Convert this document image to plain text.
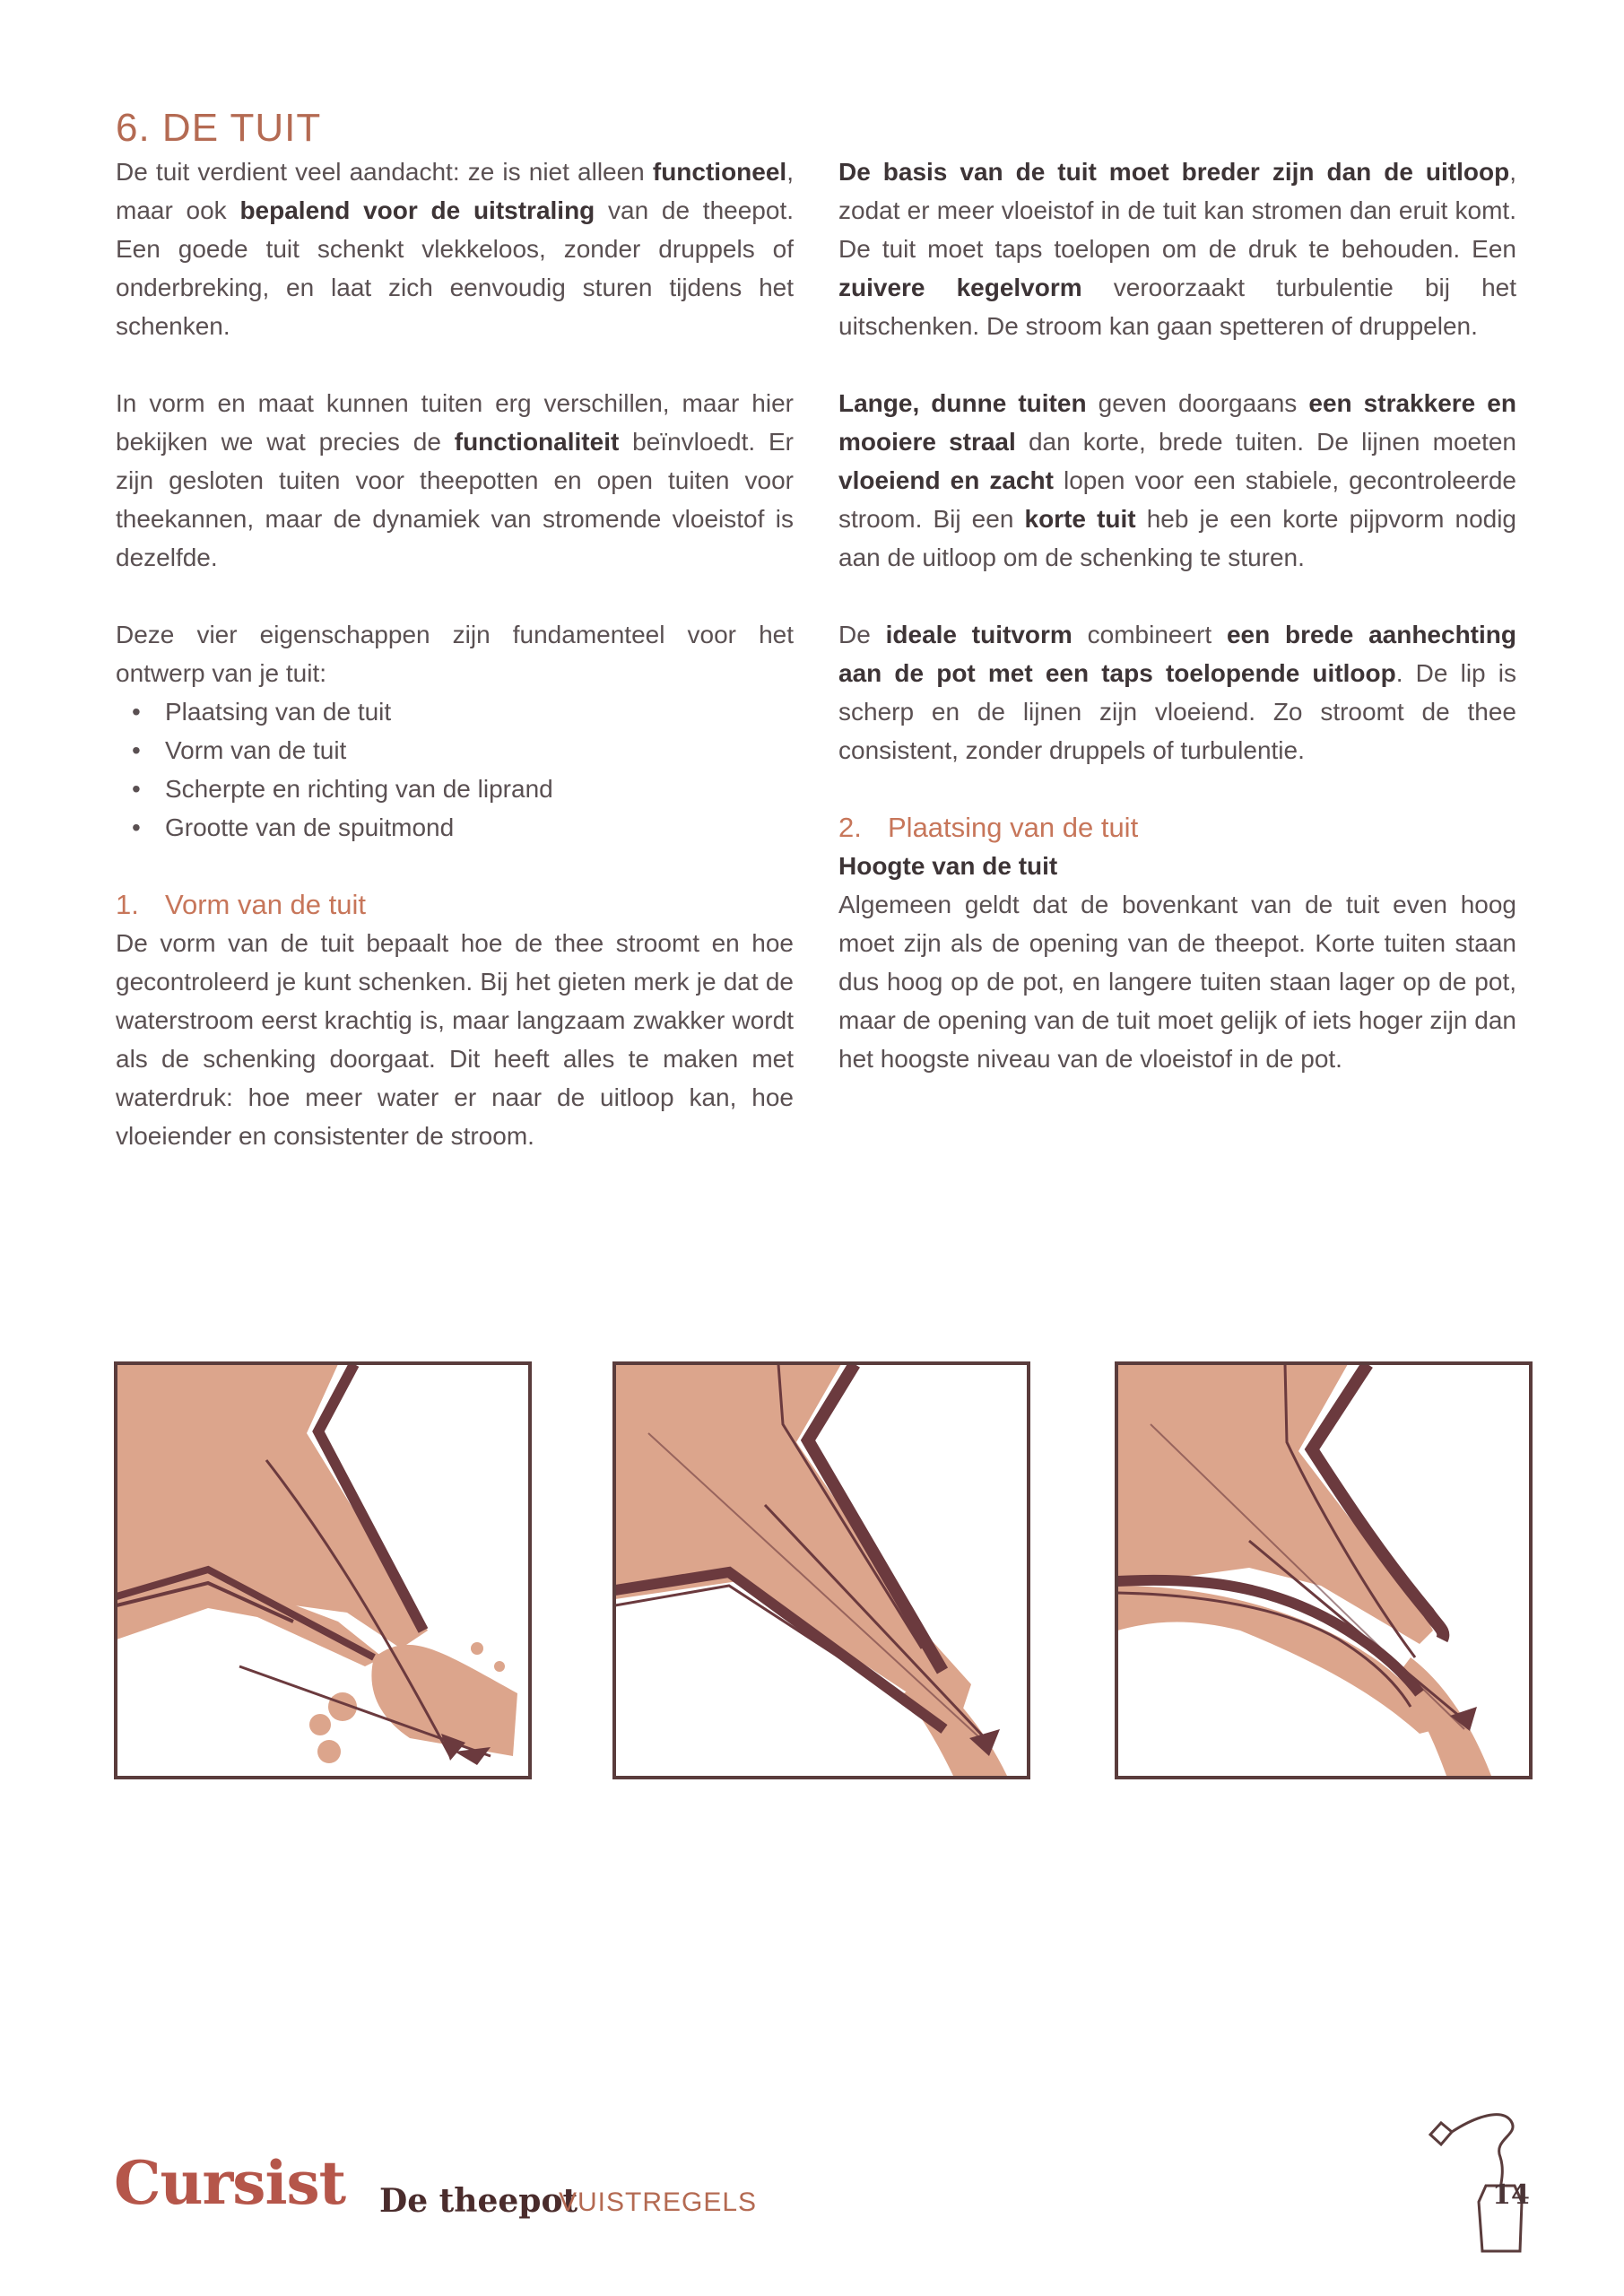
6. DE TUIT

De tuit verdient veel aandacht: ze is niet alleen functioneel, maar ook bepalend voor de uitstraling van de theepot. Een goede tuit schenkt vlekkeloos, zonder druppels of onderbreking, en laat zich eenvoudig sturen tijdens het schenken.

In vorm en maat kunnen tuiten erg verschillen, maar hier bekijken we wat precies de functionaliteit beïnvloedt. Er zijn gesloten tuiten voor theepotten en open tuiten voor theekannen, maar de dynamiek van stromende vloeistof is dezelfde.

Deze vier eigenschappen zijn fundamenteel voor het ontwerp van je tuit:

• Plaatsing van de tuit
• Vorm van de tuit
• Scherpte en richting van de liprand
• Grootte van de spuitmond
1. Vorm van de tuit

De vorm van de tuit bepaalt hoe de thee stroomt en hoe gecontroleerd je kunt schenken. Bij het gieten merk je dat de waterstroom eerst krachtig is, maar langzaam zwakker wordt als de schenking doorgaat. Dit heeft alles te maken met waterdruk: hoe meer water er naar de uitloop kan, hoe vloeiender en consistenter de stroom.

De basis van de tuit moet breder zijn dan de uitloop, zodat er meer vloeistof in de tuit kan stromen dan eruit komt. De tuit moet taps toelopen om de druk te behouden. Een zuivere kegelvorm veroorzaakt turbulentie bij het uitschenken. De stroom kan gaan spetteren of druppelen.

Lange, dunne tuiten geven doorgaans een strakkere en mooiere straal dan korte, brede tuiten. De lijnen moeten vloeiend en zacht lopen voor een stabiele, gecontroleerde stroom. Bij een korte tuit heb je een korte pijpvorm nodig aan de uitloop om de schenking te sturen.

De ideale tuitvorm combineert een brede aanhechting aan de pot met een taps toelopende uitloop. De lip is scherp en de lijnen zijn vloeiend. Zo stroomt de thee consistent, zonder druppels of turbulentie.

2. Plaatsing van de tuit
Hoogte van de tuit

Algemeen geldt dat de bovenkant van de tuit even hoog moet zijn als de opening van de theepot. Korte tuiten staan dus hoog op de pot, en langere tuiten staan lager op de pot, maar de opening van de tuit moet gelijk of iets hoger zijn dan het hoogste niveau van de vloeistof in de pot.

Cursist De theepot
VUISTREGELS	14
